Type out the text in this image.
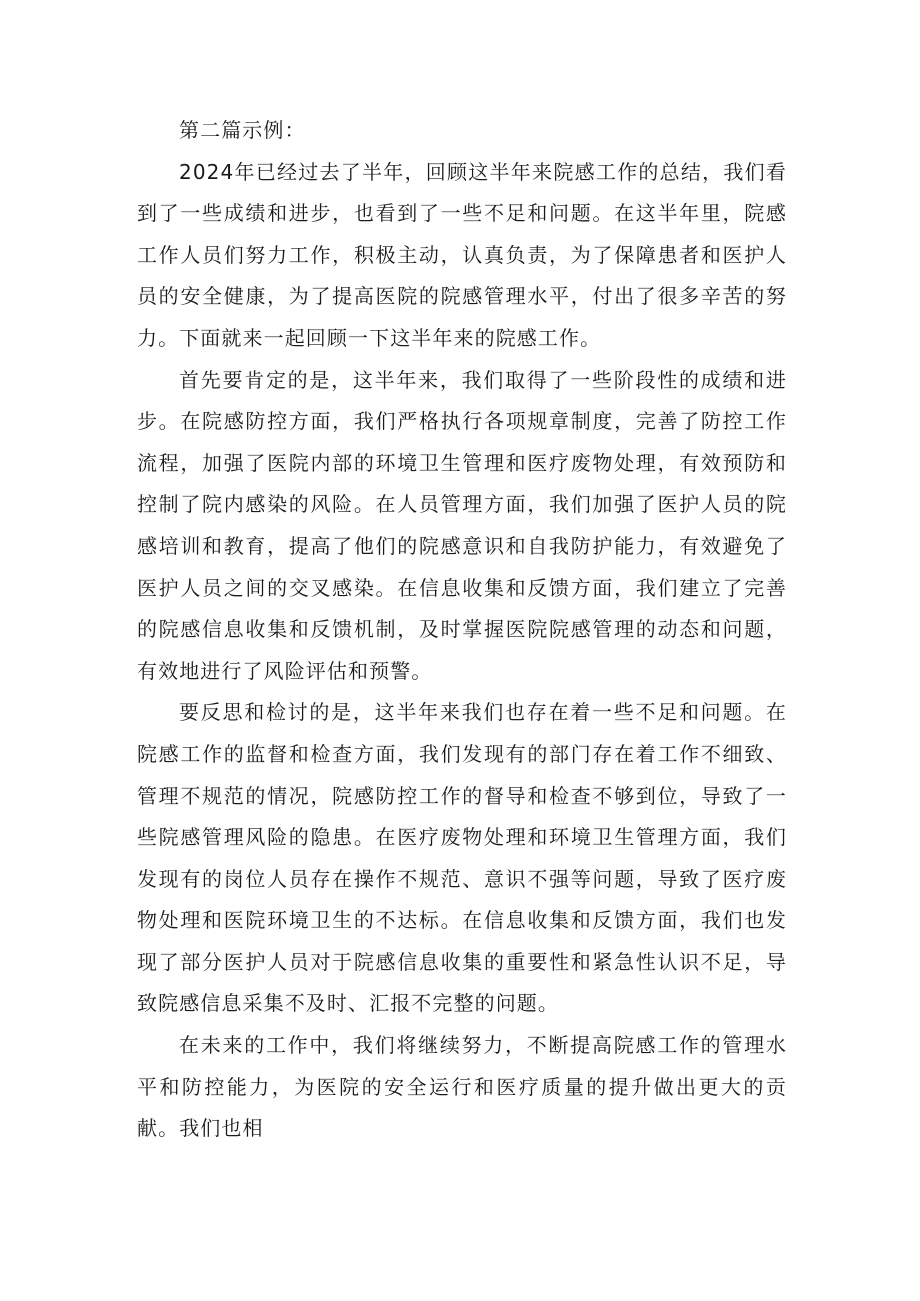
第二篇示例：

2024年已经过去了半年，回顾这半年来院感工作的总结，我们看到了一些成绩和进步，也看到了一些不足和问题。在这半年里，院感工作人员们努力工作，积极主动，认真负责，为了保障患者和医护人员的安全健康，为了提高医院的院感管理水平，付出了很多辛苦的努力。下面就来一起回顾一下这半年来的院感工作。

首先要肯定的是，这半年来，我们取得了一些阶段性的成绩和进步。在院感防控方面，我们严格执行各项规章制度，完善了防控工作流程，加强了医院内部的环境卫生管理和医疗废物处理，有效预防和控制了院内感染的风险。在人员管理方面，我们加强了医护人员的院感培训和教育，提高了他们的院感意识和自我防护能力，有效避免了医护人员之间的交叉感染。在信息收集和反馈方面，我们建立了完善的院感信息收集和反馈机制，及时掌握医院院感管理的动态和问题，有效地进行了风险评估和预警。

要反思和检讨的是，这半年来我们也存在着一些不足和问题。在院感工作的监督和检查方面，我们发现有的部门存在着工作不细致、管理不规范的情况，院感防控工作的督导和检查不够到位，导致了一些院感管理风险的隐患。在医疗废物处理和环境卫生管理方面，我们发现有的岗位人员存在操作不规范、意识不强等问题，导致了医疗废物处理和医院环境卫生的不达标。在信息收集和反馈方面，我们也发现了部分医护人员对于院感信息收集的重要性和紧急性认识不足，导致院感信息采集不及时、汇报不完整的问题。

在未来的工作中，我们将继续努力，不断提高院感工作的管理水平和防控能力，为医院的安全运行和医疗质量的提升做出更大的贡献。我们也相
